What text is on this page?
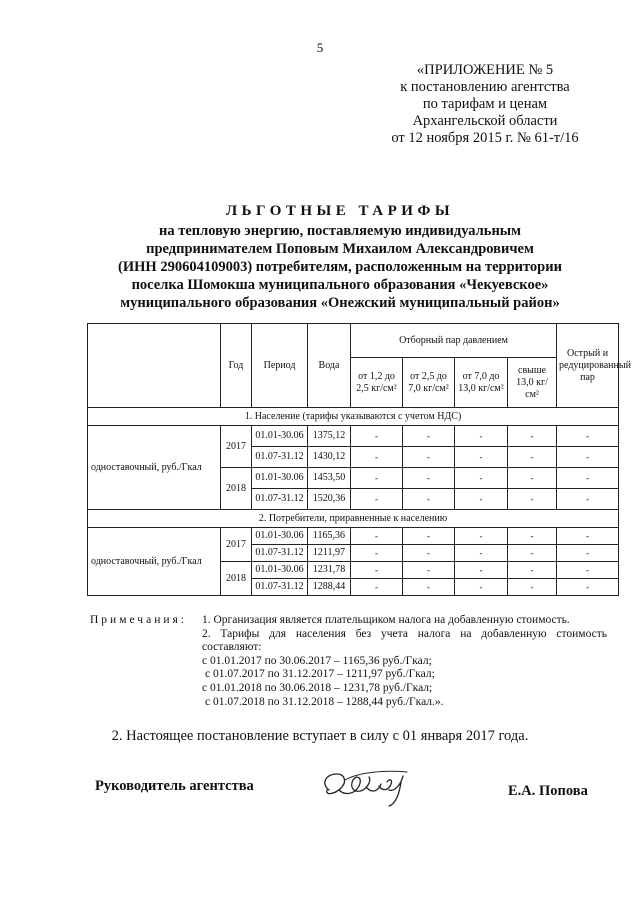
5
«ПРИЛОЖЕНИЕ № 5
к постановлению агентства
по тарифам и ценам
Архангельской области
от 12 ноября 2015 г. № 61-т/16
ЛЬГОТНЫЕ ТАРИФЫ
на тепловую энергию, поставляемую индивидуальным
предпринимателем Поповым Михаилом Александровичем
(ИНН 290604109003) потребителям, расположенным на территории
поселка Шомокша муниципального образования «Чекуевское»
муниципального образования «Онежский муниципальный район»
	Год	Период	Вода	Отборный пар давлением				Острый и редуцированный пар
				от 1,2 до 2,5 кг/см²	от 2,5 до 7,0 кг/см²	от 7,0 до 13,0 кг/см²	свыше 13,0 кг/см²	
1. Население (тарифы указываются с учетом НДС)								
одноставочный, руб./Гкал	2017	01.01-30.06	1375,12	-	-	-	-	-
		01.07-31.12	1430,12	-	-	-	-	-
	2018	01.01-30.06	1453,50	-	-	-	-	-
		01.07-31.12	1520,36	-	-	-	-	-
2. Потребители, приравненные к населению								
одноставочный, руб./Гкал	2017	01.01-30.06	1165,36	-	-	-	-	-
		01.07-31.12	1211,97	-	-	-	-	-
	2018	01.01-30.06	1231,78	-	-	-	-	-
		01.07-31.12	1288,44	-	-	-	-	-
Примечания: 1. Организация является плательщиком налога на добавленную стоимость.
2. Тарифы для населения без учета налога на добавленную стоимость
составляют:
с 01.01.2017 по 30.06.2017 – 1165,36 руб./Гкал;
с 01.07.2017 по 31.12.2017 – 1211,97 руб./Гкал;
с 01.01.2018 по 30.06.2018 – 1231,78 руб./Гкал;
с 01.07.2018 по 31.12.2018 – 1288,44 руб./Гкал.».
2. Настоящее постановление вступает в силу с 01 января 2017 года.
Руководитель агентства	Е.А. Попова
